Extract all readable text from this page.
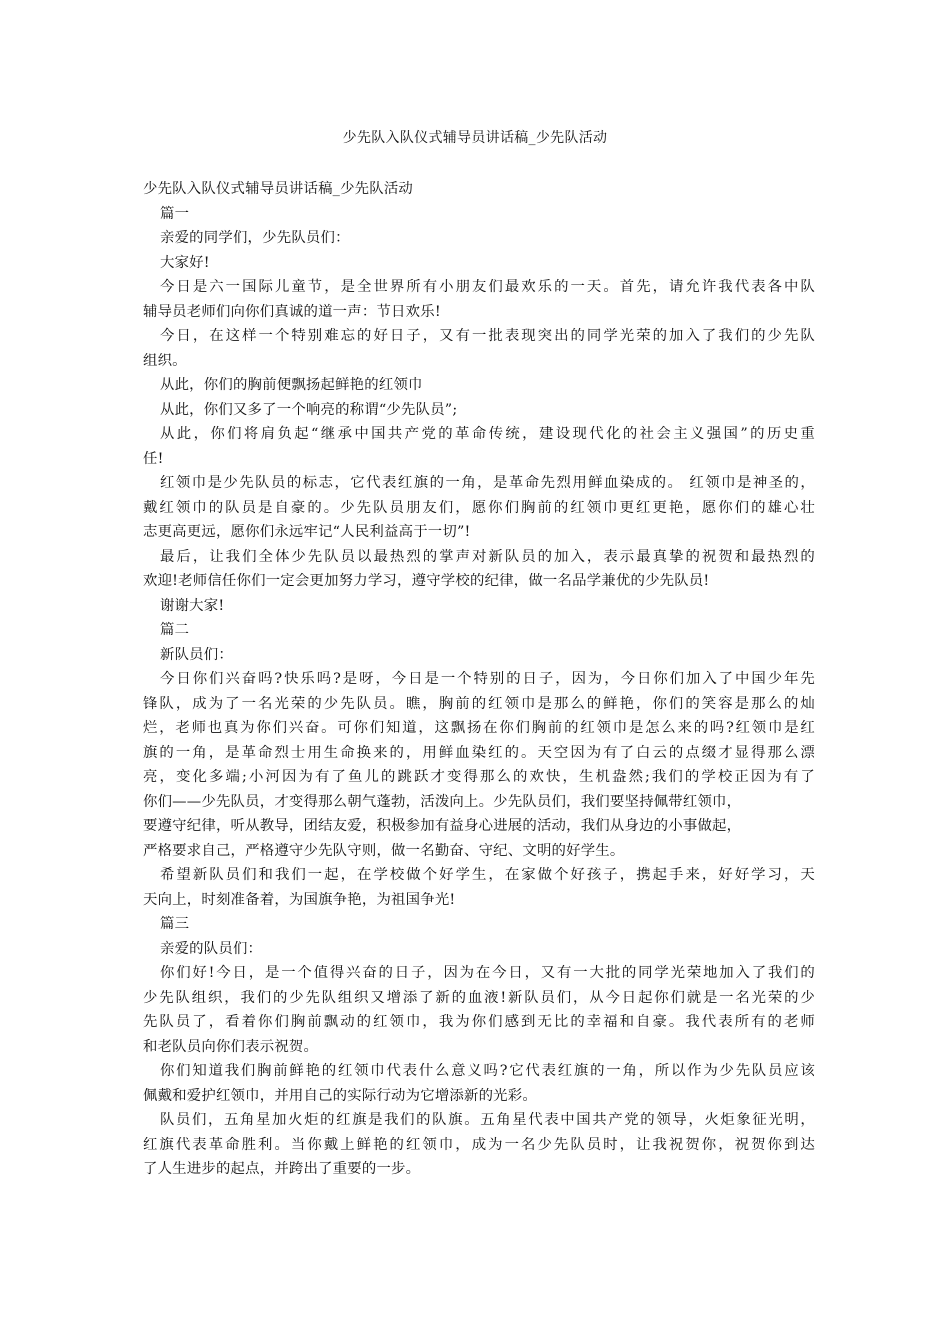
少先队入队仪式辅导员讲话稿_少先队活动
少先队入队仪式辅导员讲话稿_少先队活动
篇一
亲爱的同学们，少先队员们：
大家好!
今日是六一国际儿童节，是全世界所有小朋友们最欢乐的一天。首先，请允许我代表各中队
辅导员老师们向你们真诚的道一声：节日欢乐!
今日，在这样一个特别难忘的好日子，又有一批表现突出的同学光荣的加入了我们的少先队
组织。
从此，你们的胸前便飘扬起鲜艳的红领巾
从此，你们又多了一个响亮的称谓“少先队员”;
从此，你们将肩负起“继承中国共产党的革命传统，建设现代化的社会主义强国”的历史重
任!
红领巾是少先队员的标志，它代表红旗的一角，是革命先烈用鲜血染成的。 红领巾是神圣的，
戴红领巾的队员是自豪的。少先队员朋友们，愿你们胸前的红领巾更红更艳，愿你们的雄心壮
志更高更远，愿你们永远牢记“人民利益高于一切”!
最后，让我们全体少先队员以最热烈的掌声对新队员的加入，表示最真挚的祝贺和最热烈的
欢迎!老师信任你们一定会更加努力学习，遵守学校的纪律，做一名品学兼优的少先队员!
谢谢大家!
篇二
新队员们：
今日你们兴奋吗?快乐吗?是呀，今日是一个特别的日子，因为，今日你们加入了中国少年先
锋队，成为了一名光荣的少先队员。瞧，胸前的红领巾是那么的鲜艳，你们的笑容是那么的灿
烂，老师也真为你们兴奋。可你们知道，这飘扬在你们胸前的红领巾是怎么来的吗?红领巾是红
旗的一角，是革命烈士用生命换来的，用鲜血染红的。天空因为有了白云的点缀才显得那么漂
亮，变化多端;小河因为有了鱼儿的跳跃才变得那么的欢快，生机盎然;我们的学校正因为有了
你们——少先队员，才变得那么朝气蓬勃，活泼向上。少先队员们，我们要坚持佩带红领巾，
要遵守纪律，听从教导，团结友爱，积极参加有益身心进展的活动，我们从身边的小事做起，
严格要求自己，严格遵守少先队守则，做一名勤奋、守纪、文明的好学生。
希望新队员们和我们一起，在学校做个好学生，在家做个好孩子，携起手来，好好学习，天
天向上，时刻准备着，为国旗争艳，为祖国争光!
篇三
亲爱的队员们：
你们好!今日，是一个值得兴奋的日子，因为在今日，又有一大批的同学光荣地加入了我们的
少先队组织，我们的少先队组织又增添了新的血液!新队员们，从今日起你们就是一名光荣的少
先队员了，看着你们胸前飘动的红领巾，我为你们感到无比的幸福和自豪。我代表所有的老师
和老队员向你们表示祝贺。
你们知道我们胸前鲜艳的红领巾代表什么意义吗?它代表红旗的一角，所以作为少先队员应该
佩戴和爱护红领巾，并用自己的实际行动为它增添新的光彩。
队员们，五角星加火炬的红旗是我们的队旗。五角星代表中国共产党的领导，火炬象征光明，
红旗代表革命胜利。当你戴上鲜艳的红领巾，成为一名少先队员时，让我祝贺你，祝贺你到达
了人生进步的起点，并跨出了重要的一步。
